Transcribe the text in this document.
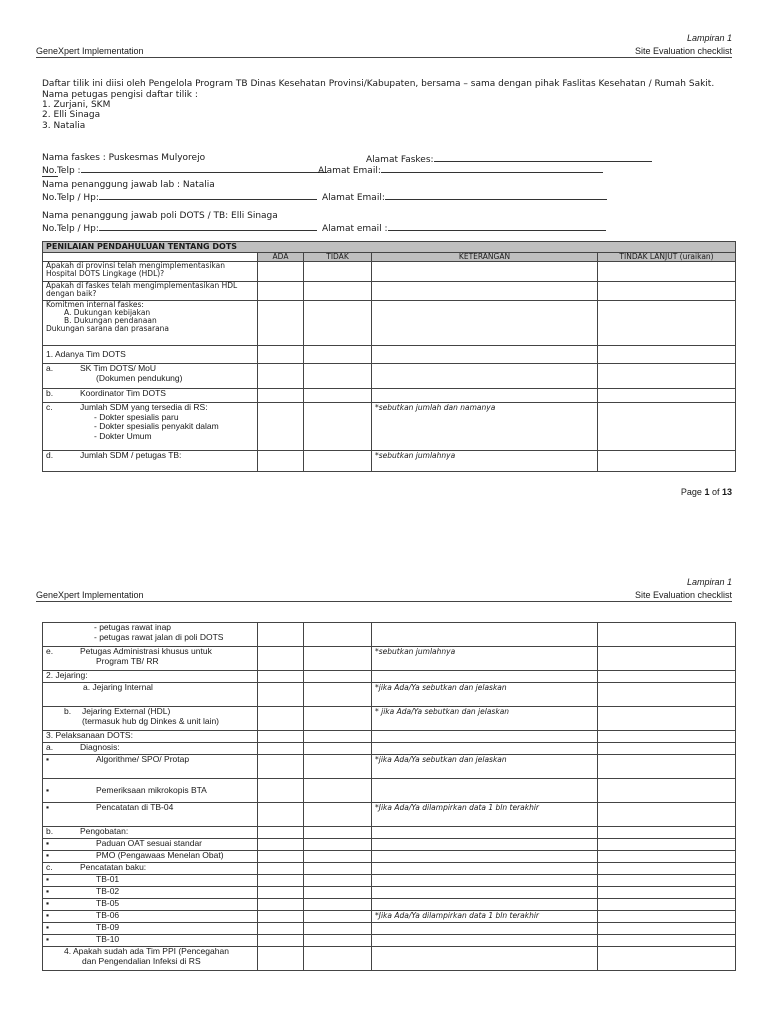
Lampiran 1
GeneXpert Implementation	Site Evaluation checklist
Daftar tilik ini diisi oleh Pengelola Program TB Dinas Kesehatan Provinsi/Kabupaten, bersama – sama dengan pihak Faslitas Kesehatan / Rumah Sakit.
Nama petugas pengisi daftar tilik :
1. Zurjani, SKM
2. Elli Sinaga
3. Natalia
Nama faskes : Puskesmas Mulyorejo	Alamat Faskes:
No.Telp :	Alamat Email:
Nama penanggung jawab lab : Natalia
No.Telp / Hp:	Alamat Email:
Nama penanggung jawab poli DOTS / TB: Elli Sinaga
No.Telp / Hp:	Alamat email :
PENILAIAN PENDAHULUAN TENTANG DOTS				
	ADA	TIDAK	KETERANGAN	TINDAK LANJUT (uraikan)
Apakah di provinsi telah mengimplementasikan Hospital DOTS Lingkage (HDL)?				
Apakah di faskes telah mengimplementasikan HDL dengan baik?				

Komitmen internal faskes:
A. Dukungan kebijakan
B. Dukungan pendanaan
Dukungan sarana dan prasarana				

1. Adanya Tim DOTS				

a. SK Tim DOTS/ MoU
(Dokumen pendukung)				

b. Koordinator Tim DOTS				

c. Jumlah SDM yang tersedia di RS:
- Dokter spesialis paru
- Dokter spesialis penyakit dalam
- Dokter Umum			*sebutkan jumlah dan namanya	
d. Jumlah SDM / petugas TB:			*sebutkan jumlahnya	
Page 1 of 13
Lampiran 1
GeneXpert Implementation	Site Evaluation checklist
- petugas rawat inap
- petugas rawat jalan di poli DOTS				

e. Petugas Administrasi khusus untuk
Program TB/ RR			*sebutkan jumlahnya	
2. Jejaring:				
a. Jejaring Internal			*jika Ada/Ya sebutkan dan jelaskan	

b. Jejaring External (HDL)
(termasuk hub dg Dinkes & unit lain)			* jika Ada/Ya sebutkan dan jelaskan	
3. Pelaksanaan DOTS:				
a. Diagnosis:				
▪ Algorithme/ SPO/ Protap			*jika Ada/Ya sebutkan dan jelaskan	
▪ Pemeriksaan mikrokopis BTA				
▪ Pencatatan di TB-04			*Jika Ada/Ya dilampirkan data 1 bln terakhir	
b. Pengobatan:				
▪ Paduan OAT sesuai standar				
▪ PMO (Pengawaas Menelan Obat)				
c. Pencatatan baku:				
▪ TB-01				
▪ TB-02				
▪ TB-05				
▪ TB-06			*Jika Ada/Ya dilampirkan data 1 bln terakhir	
▪ TB-09				
▪ TB-10				

4. Apakah sudah ada Tim PPI (Pencegahan
dan Pengendalian Infeksi di RS				
